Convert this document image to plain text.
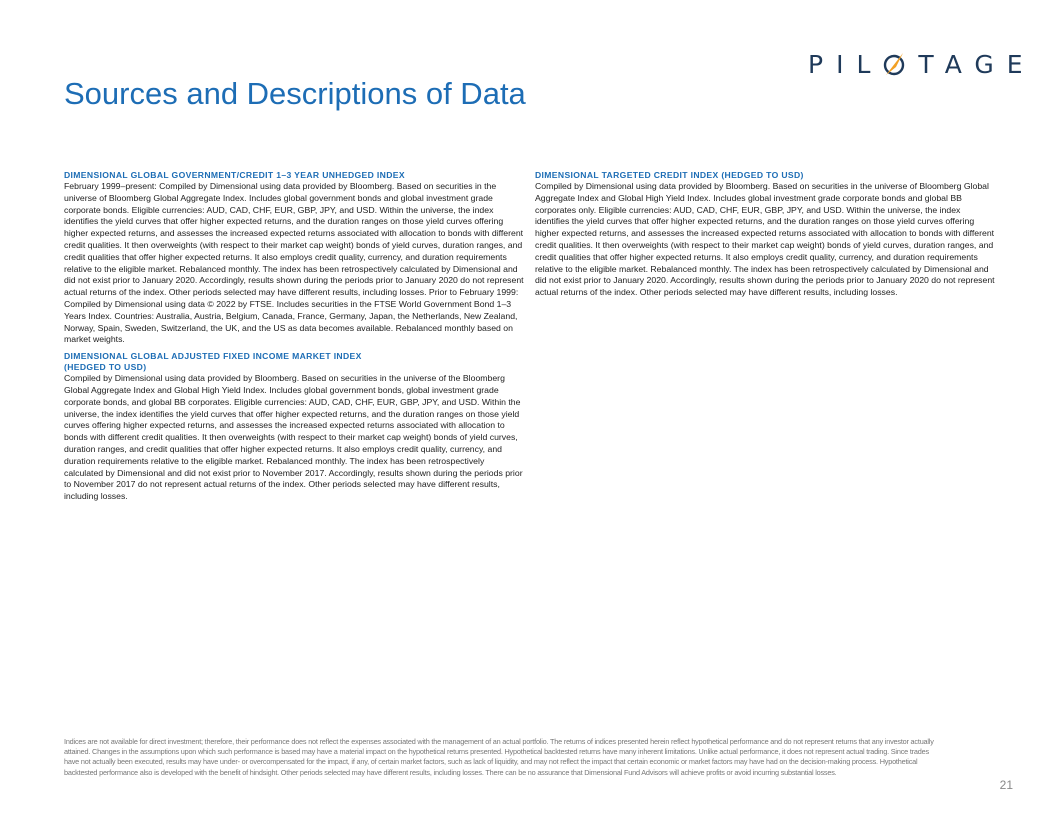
PIL TAGE
Sources and Descriptions of Data

DIMENSIONAL GLOBAL GOVERNMENT/CREDIT 1–3 YEAR UNHEDGED INDEX

February 1999–present: Compiled by Dimensional using data provided by Bloomberg. Based on securities in the universe of Bloomberg Global Aggregate Index. Includes global government bonds and global investment grade corporate bonds. Eligible currencies: AUD, CAD, CHF, EUR, GBP, JPY, and USD. Within the universe, the index identifies the yield curves that offer higher expected returns, and the duration ranges on those yield curves offering higher expected returns, and assesses the increased expected returns associated with allocation to bonds with different credit qualities. It then overweights (with respect to their market cap weight) bonds of yield curves, duration ranges, and credit qualities that offer higher expected returns. It also employs credit quality, currency, and duration requirements relative to the eligible market. Rebalanced monthly. The index has been retrospectively calculated by Dimensional and did not exist prior to January 2020. Accordingly, results shown during the periods prior to January 2020 do not represent actual returns of the index. Other periods selected may have different results, including losses. Prior to February 1999: Compiled by Dimensional using data © 2022 by FTSE. Includes securities in the FTSE World Government Bond 1–3 Years Index. Countries: Australia, Austria, Belgium, Canada, France, Germany, Japan, the Netherlands, New Zealand, Norway, Spain, Sweden, Switzerland, the UK, and the US as data becomes available. Rebalanced monthly based on market weights.

DIMENSIONAL GLOBAL ADJUSTED FIXED INCOME MARKET INDEX

(HEDGED TO USD)

Compiled by Dimensional using data provided by Bloomberg. Based on securities in the universe of the Bloomberg Global Aggregate Index and Global High Yield Index. Includes global government bonds, global investment grade corporate bonds, and global BB corporates. Eligible currencies: AUD, CAD, CHF, EUR, GBP, JPY, and USD. Within the universe, the index identifies the yield curves that offer higher expected returns, and the duration ranges on those yield curves offering higher expected returns, and assesses the increased expected returns associated with allocation to bonds with different credit qualities. It then overweights (with respect to their market cap weight) bonds of yield curves, duration ranges, and credit qualities that offer higher expected returns. It also employs credit quality, currency, and duration requirements relative to the eligible market. Rebalanced monthly. The index has been retrospectively calculated by Dimensional and did not exist prior to November 2017. Accordingly, results shown during the periods prior to November 2017 do not represent actual returns of the index. Other periods selected may have different results, including losses.

DIMENSIONAL TARGETED CREDIT INDEX (HEDGED TO USD)

Compiled by Dimensional using data provided by Bloomberg. Based on securities in the universe of Bloomberg Global Aggregate Index and Global High Yield Index. Includes global investment grade corporate bonds and global BB corporates only. Eligible currencies: AUD, CAD, CHF, EUR, GBP, JPY, and USD. Within the universe, the index identifies the yield curves that offer higher expected returns, and the duration ranges on those yield curves offering higher expected returns, and assesses the increased expected returns associated with allocation to bonds with different credit qualities. It then overweights (with respect to their market cap weight) bonds of yield curves, duration ranges, and credit qualities that offer higher expected returns. It also employs credit quality, currency, and duration requirements relative to the eligible market. Rebalanced monthly. The index has been retrospectively calculated by Dimensional and did not exist prior to January 2020. Accordingly, results shown during the periods prior to January 2020 do not represent actual returns of the index. Other periods selected may have different results, including losses.

Indices are not available for direct investment; therefore, their performance does not reflect the expenses associated with the management of an actual portfolio. The returns of indices presented herein reflect hypothetical performance and do not represent returns that any investor actually attained. Changes in the assumptions upon which such performance is based may have a material impact on the hypothetical returns presented. Hypothetical backtested returns have many inherent limitations. Unlike actual performance, it does not represent actual trading. Since trades have not actually been executed, results may have under- or overcompensated for the impact, if any, of certain market factors, such as lack of liquidity, and may not reflect the impact that certain economic or market factors may have had on the decision-making process. Hypothetical backtested performance also is developed with the benefit of hindsight. Other periods selected may have different results, including losses. There can be no assurance that Dimensional Fund Advisors will achieve profits or avoid incurring substantial losses.

21
